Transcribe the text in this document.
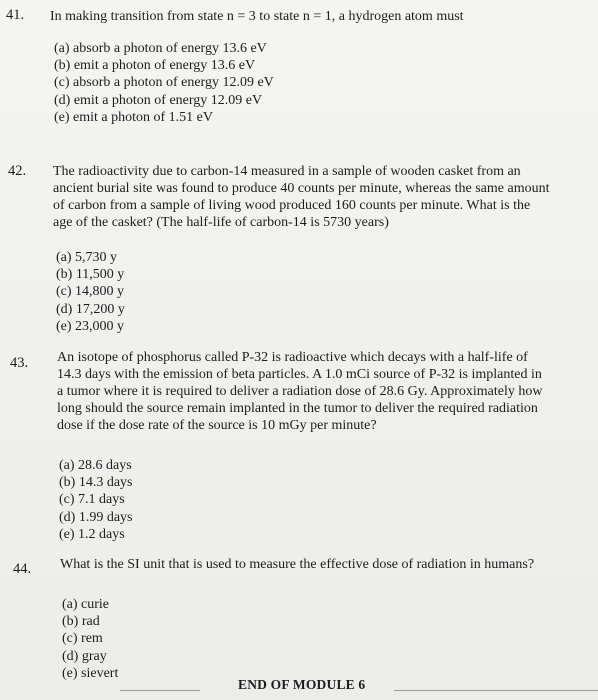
41. In making transition from state n = 3 to state n = 1, a hydrogen atom must
(a) absorb a photon of energy 13.6 eV
(b) emit a photon of energy 13.6 eV
(c) absorb a photon of energy 12.09 eV
(d) emit a photon of energy 12.09 eV
(e) emit a photon of 1.51 eV
42. The radioactivity due to carbon-14 measured in a sample of wooden casket from an
ancient burial site was found to produce 40 counts per minute, whereas the same amount
of carbon from a sample of living wood produced 160 counts per minute. What is the
age of the casket? (The half-life of carbon-14 is 5730 years)
(a) 5,730 y
(b) 11,500 y
(c) 14,800 y
(d) 17,200 y
(e) 23,000 y
43. An isotope of phosphorus called P-32 is radioactive which decays with a half-life of
14.3 days with the emission of beta particles. A 1.0 mCi source of P-32 is implanted in
a tumor where it is required to deliver a radiation dose of 28.6 Gy. Approximately how
long should the source remain implanted in the tumor to deliver the required radiation
dose if the dose rate of the source is 10 mGy per minute?
(a) 28.6 days
(b) 14.3 days
(c) 7.1 days
(d) 1.99 days
(e) 1.2 days
44. What is the SI unit that is used to measure the effective dose of radiation in humans?
(a) curie
(b) rad
(c) rem
(d) gray
(e) sievert
END OF MODULE 6
